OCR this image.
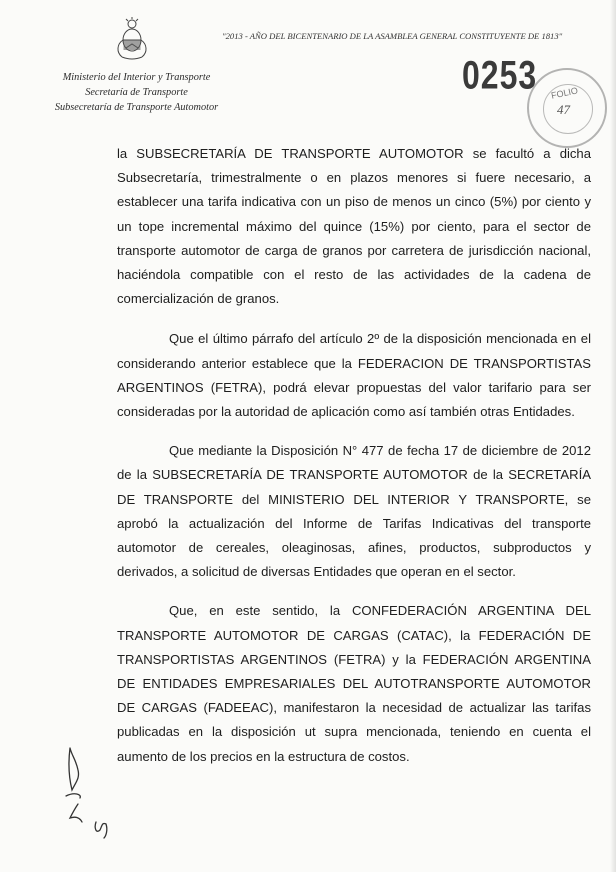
"2013 - AÑO DEL BICENTENARIO DE LA ASAMBLEA GENERAL CONSTITUYENTE DE 1813"
Ministerio del Interior y Transporte
Secretaría de Transporte
Subsecretaría de Transporte Automotor
0253 FOLIO
47

la SUBSECRETARÍA DE TRANSPORTE AUTOMOTOR se facultó a dicha Subsecretaría, trimestralmente o en plazos menores si fuere necesario, a establecer una tarifa indicativa con un piso de menos un cinco (5%) por ciento y un tope incremental máximo del quince (15%) por ciento, para el sector de transporte automotor de carga de granos por carretera de jurisdicción nacional, haciéndola compatible con el resto de las actividades de la cadena de comercialización de granos.

Que el último párrafo del artículo 2º de la disposición mencionada en el considerando anterior establece que la FEDERACION DE TRANSPORTISTAS ARGENTINOS (FETRA), podrá elevar propuestas del valor tarifario para ser consideradas por la autoridad de aplicación como así también otras Entidades.

Que mediante la Disposición N° 477 de fecha 17 de diciembre de 2012 de la SUBSECRETARÍA DE TRANSPORTE AUTOMOTOR de la SECRETARÍA DE TRANSPORTE del MINISTERIO DEL INTERIOR Y TRANSPORTE, se aprobó la actualización del Informe de Tarifas Indicativas del transporte automotor de cereales, oleaginosas, afines, productos, subproductos y derivados, a solicitud de diversas Entidades que operan en el sector.

Que, en este sentido, la CONFEDERACIÓN ARGENTINA DEL TRANSPORTE AUTOMOTOR DE CARGAS (CATAC), la FEDERACIÓN DE TRANSPORTISTAS ARGENTINOS (FETRA) y la FEDERACIÓN ARGENTINA DE ENTIDADES EMPRESARIALES DEL AUTOTRANSPORTE AUTOMOTOR DE CARGAS (FADEEAC), manifestaron la necesidad de actualizar las tarifas publicadas en la disposición ut supra mencionada, teniendo en cuenta el aumento de los precios en la estructura de costos.
